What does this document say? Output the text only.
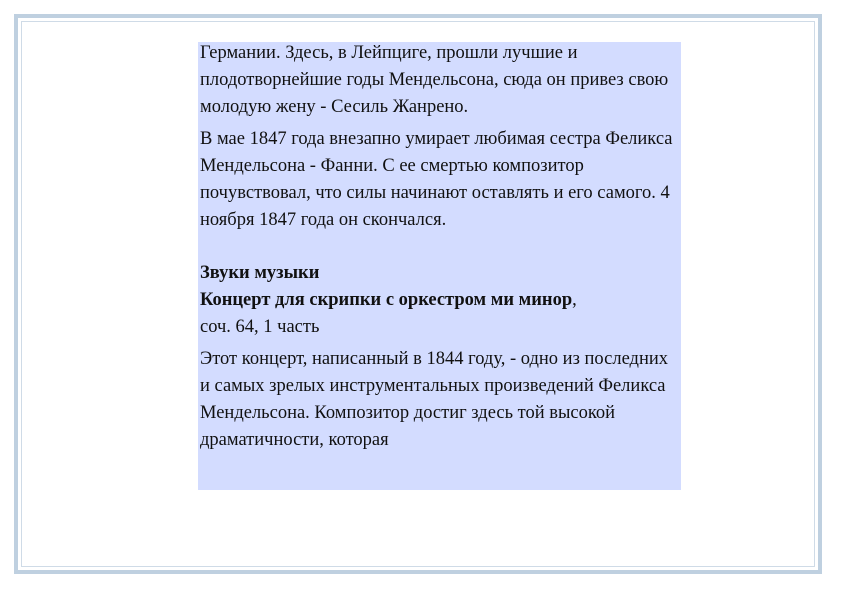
Германии. Здесь, в Лейпциге, прошли лучшие и плодотворнейшие годы Мендельсона, сюда он привез свою молодую жену - Сесиль Жанрено.

В мае 1847 года внезапно умирает любимая сестра Феликса Мендельсона - Фанни. С ее смертью композитор почувствовал, что силы начинают оставлять и его самого. 4 ноября 1847 года он скончался.

Звуки музыки

Концерт для скрипки с оркестром ми минор,

соч. 64, 1 часть

Этот концерт, написанный в 1844 году, - одно из последних и самых зрелых инструментальных произведений Феликса Мендельсона. Композитор достиг здесь той высокой драматичности, которая
